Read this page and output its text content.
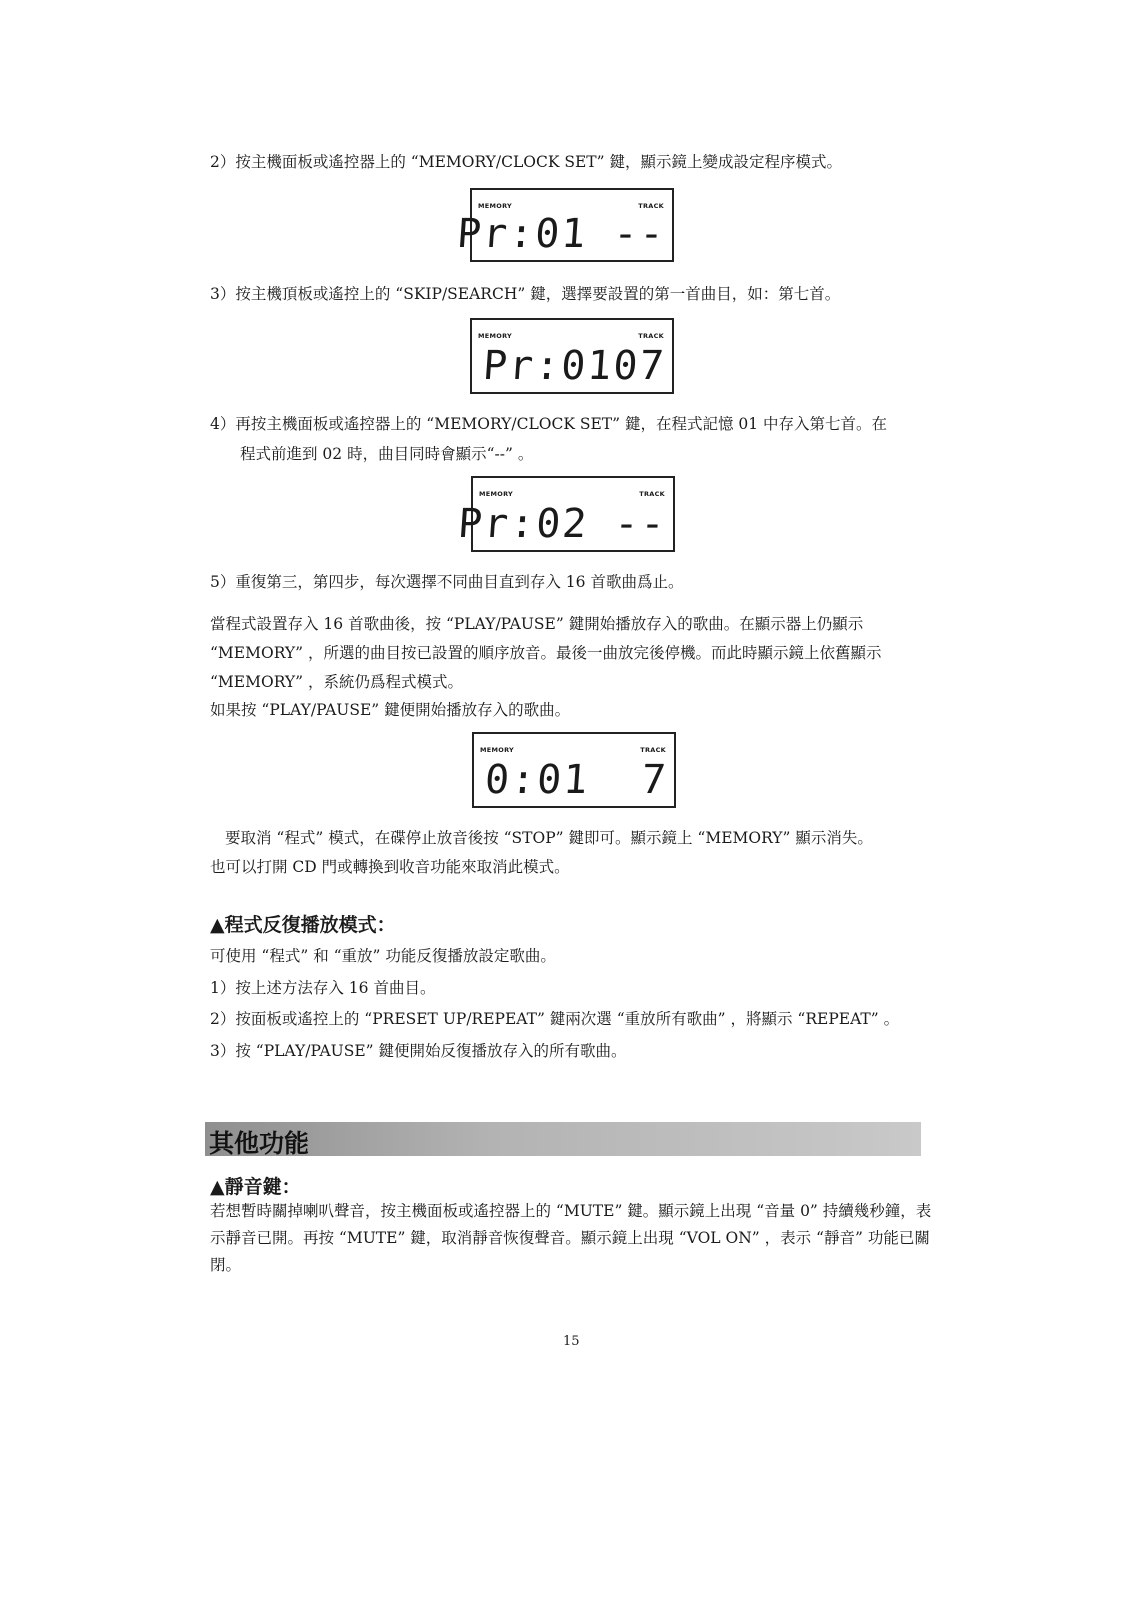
2）按主機面板或遙控器上的 “MEMORY/CLOCK SET” 鍵，顯示鏡上變成設定程序模式。
MEMORY	TRACK
Pr:01 --
3）按主機頂板或遙控上的 “SKIP/SEARCH” 鍵，選擇要設置的第一首曲目，如：第七首。
MEMORY	TRACK
Pr:0107
4）再按主機面板或遙控器上的 “MEMORY/CLOCK SET” 鍵，在程式記憶 01 中存入第七首。在
程式前進到 02 時，曲目同時會顯示“--” 。
MEMORY	TRACK
Pr:02 --
5）重復第三，第四步，每次選擇不同曲目直到存入 16 首歌曲爲止。
當程式設置存入 16 首歌曲後，按 “PLAY/PAUSE” 鍵開始播放存入的歌曲。在顯示器上仍顯示 “MEMORY” ，所選的曲目按已設置的順序放音。最後一曲放完後停機。而此時顯示鏡上依舊顯示 “MEMORY” ，系統仍爲程式模式。
如果按 “PLAY/PAUSE” 鍵便開始播放存入的歌曲。
MEMORY	TRACK
0:01  7
要取消 “程式” 模式，在碟停止放音後按 “STOP” 鍵即可。顯示鏡上 “MEMORY” 顯示消失。
也可以打開 CD 門或轉換到收音功能來取消此模式。
▲程式反復播放模式：
可使用 “程式” 和 “重放” 功能反復播放設定歌曲。
1）按上述方法存入 16 首曲目。
2）按面板或遙控上的 “PRESET UP/REPEAT” 鍵兩次選 “重放所有歌曲” ，將顯示 “REPEAT” 。
3）按 “PLAY/PAUSE” 鍵便開始反復播放存入的所有歌曲。
其他功能
▲靜音鍵：
若想暫時關掉喇叭聲音，按主機面板或遙控器上的 “MUTE” 鍵。顯示鏡上出現 “音量 0” 持續幾秒鐘，表示靜音已開。再按 “MUTE” 鍵，取消靜音恢復聲音。顯示鏡上出現 “VOL ON” ，表示 “靜音” 功能已關閉。
15
